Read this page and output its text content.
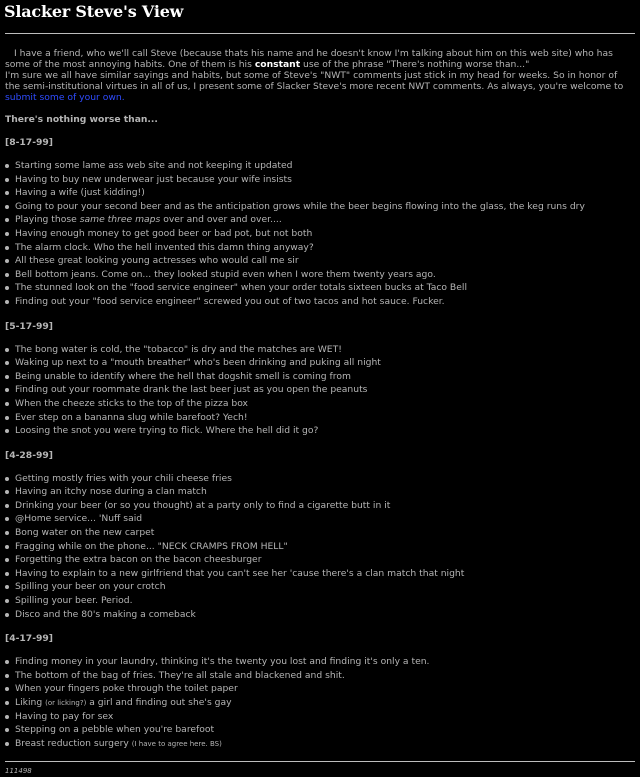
Slacker Steve's View
I have a friend, who we'll call Steve (because thats his name and he doesn't know I'm talking about him on this web site) who has some of the most annoying habits. One of them is his constant use of the phrase "There's nothing worse than..."
I'm sure we all have similar sayings and habits, but some of Steve's "NWT" comments just stick in my head for weeks. So in honor of the semi-institutional virtues in all of us, I present some of Slacker Steve's more recent NWT comments. As always, you're welcome to submit some of your own.
There's nothing worse than...
[8-17-99]
Starting some lame ass web site and not keeping it updated
Having to buy new underwear just because your wife insists
Having a wife (just kidding!)
Going to pour your second beer and as the anticipation grows while the beer begins flowing into the glass, the keg runs dry
Playing those same three maps over and over and over....
Having enough money to get good beer or bad pot, but not both
The alarm clock. Who the hell invented this damn thing anyway?
All these great looking young actresses who would call me sir
Bell bottom jeans. Come on... they looked stupid even when I wore them twenty years ago.
The stunned look on the "food service engineer" when your order totals sixteen bucks at Taco Bell
Finding out your "food service engineer" screwed you out of two tacos and hot sauce. Fucker.
[5-17-99]
The bong water is cold, the "tobacco" is dry and the matches are WET!
Waking up next to a "mouth breather" who's been drinking and puking all night
Being unable to identify where the hell that dogshit smell is coming from
Finding out your roommate drank the last beer just as you open the peanuts
When the cheeze sticks to the top of the pizza box
Ever step on a bananna slug while barefoot? Yech!
Loosing the snot you were trying to flick. Where the hell did it go?
[4-28-99]
Getting mostly fries with your chili cheese fries
Having an itchy nose during a clan match
Drinking your beer (or so you thought) at a party only to find a cigarette butt in it
@Home service... 'Nuff said
Bong water on the new carpet
Fragging while on the phone... "NECK CRAMPS FROM HELL"
Forgetting the extra bacon on the bacon cheesburger
Having to explain to a new girlfriend that you can't see her 'cause there's a clan match that night
Spilling your beer on your crotch
Spilling your beer. Period.
Disco and the 80's making a comeback
[4-17-99]
Finding money in your laundry, thinking it's the twenty you lost and finding it's only a ten.
The bottom of the bag of fries. They're all stale and blackened and shit.
When your fingers poke through the toilet paper
Liking (or licking?) a girl and finding out she's gay
Having to pay for sex
Stepping on a pebble when you're barefoot
Breast reduction surgery (I have to agree here. BS)
111498
